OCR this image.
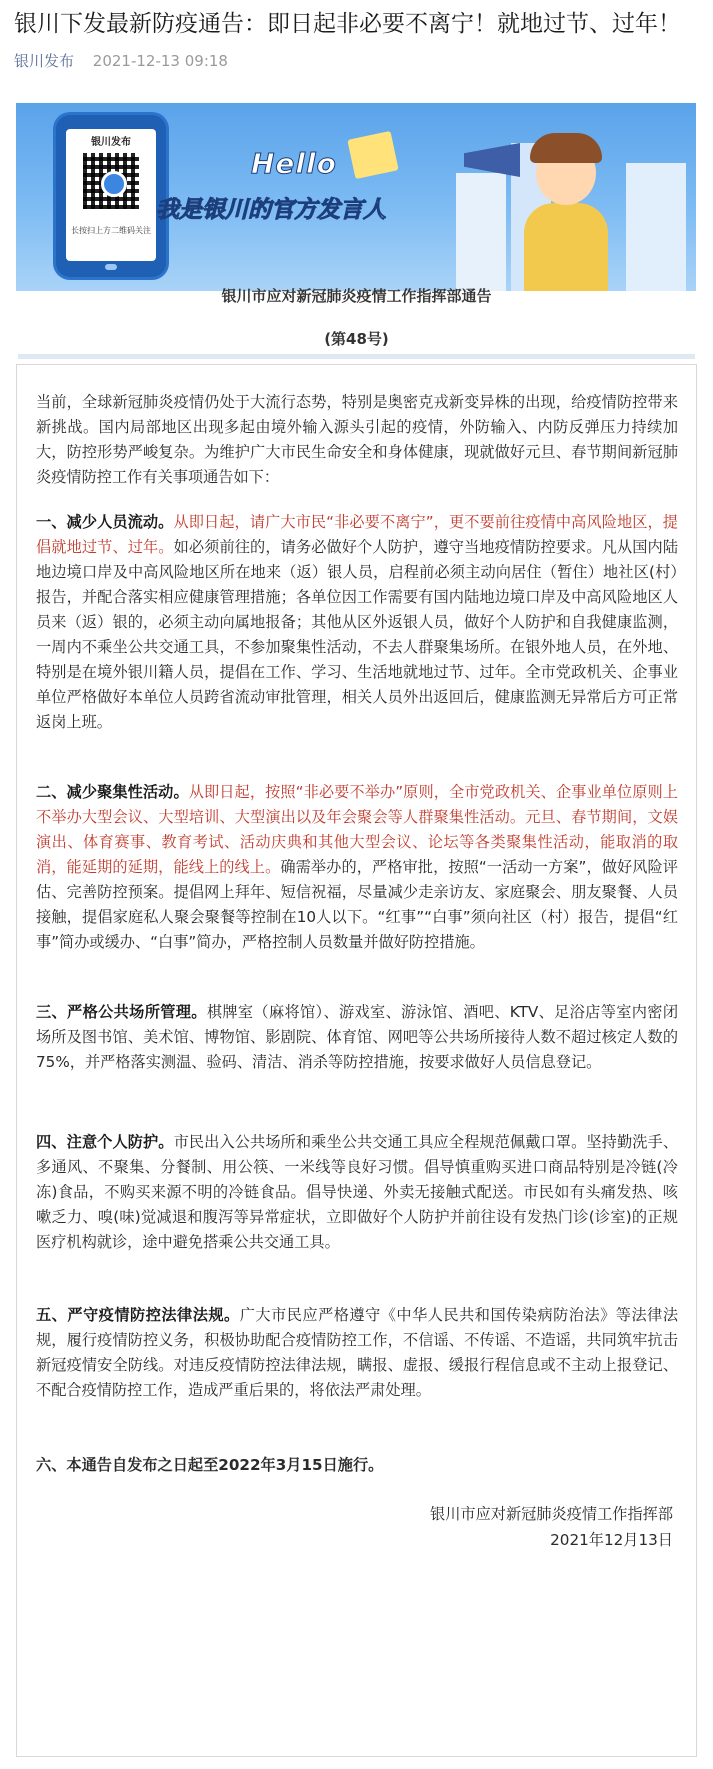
银川下发最新防疫通告：即日起非必要不离宁！就地过节、过年！
银川发布 2021-12-13 09:18
银川发布
长按扫上方二维码关注
Hello
我是银川的官方发言人
银川市应对新冠肺炎疫情工作指挥部通告
(第48号)
当前，全球新冠肺炎疫情仍处于大流行态势，特别是奥密克戎新变异株的出现，给疫情防控带来新挑战。国内局部地区出现多起由境外输入源头引起的疫情，外防输入、内防反弹压力持续加大，防控形势严峻复杂。为维护广大市民生命安全和身体健康，现就做好元旦、春节期间新冠肺炎疫情防控工作有关事项通告如下：
一、减少人员流动。从即日起，请广大市民“非必要不离宁”，更不要前往疫情中高风险地区，提倡就地过节、过年。如必须前往的，请务必做好个人防护，遵守当地疫情防控要求。凡从国内陆地边境口岸及中高风险地区所在地来（返）银人员，启程前必须主动向居住（暂住）地社区(村）报告，并配合落实相应健康管理措施；各单位因工作需要有国内陆地边境口岸及中高风险地区人员来（返）银的，必须主动向属地报备；其他从区外返银人员，做好个人防护和自我健康监测，一周内不乘坐公共交通工具，不参加聚集性活动，不去人群聚集场所。在银外地人员，在外地、特别是在境外银川籍人员，提倡在工作、学习、生活地就地过节、过年。全市党政机关、企事业单位严格做好本单位人员跨省流动审批管理，相关人员外出返回后，健康监测无异常后方可正常返岗上班。
二、减少聚集性活动。从即日起，按照“非必要不举办”原则，全市党政机关、企事业单位原则上不举办大型会议、大型培训、大型演出以及年会聚会等人群聚集性活动。元旦、春节期间，文娱演出、体育赛事、教育考试、活动庆典和其他大型会议、论坛等各类聚集性活动，能取消的取消，能延期的延期，能线上的线上。确需举办的，严格审批，按照“一活动一方案”，做好风险评估、完善防控预案。提倡网上拜年、短信祝福，尽量减少走亲访友、家庭聚会、朋友聚餐、人员接触，提倡家庭私人聚会聚餐等控制在10人以下。“红事”“白事”须向社区（村）报告，提倡“红事”简办或缓办、“白事”简办，严格控制人员数量并做好防控措施。
三、严格公共场所管理。棋牌室（麻将馆）、游戏室、游泳馆、酒吧、KTV、足浴店等室内密闭场所及图书馆、美术馆、博物馆、影剧院、体育馆、网吧等公共场所接待人数不超过核定人数的75%，并严格落实测温、验码、清洁、消杀等防控措施，按要求做好人员信息登记。
四、注意个人防护。市民出入公共场所和乘坐公共交通工具应全程规范佩戴口罩。坚持勤洗手、多通风、不聚集、分餐制、用公筷、一米线等良好习惯。倡导慎重购买进口商品特别是冷链(冷冻)食品，不购买来源不明的冷链食品。倡导快递、外卖无接触式配送。市民如有头痛发热、咳嗽乏力、嗅(味)觉减退和腹泻等异常症状，立即做好个人防护并前往设有发热门诊(诊室)的正规医疗机构就诊，途中避免搭乘公共交通工具。
五、严守疫情防控法律法规。广大市民应严格遵守《中华人民共和国传染病防治法》等法律法规，履行疫情防控义务，积极协助配合疫情防控工作，不信谣、不传谣、不造谣，共同筑牢抗击新冠疫情安全防线。对违反疫情防控法律法规，瞒报、虚报、缓报行程信息或不主动上报登记、不配合疫情防控工作，造成严重后果的，将依法严肃处理。
六、本通告自发布之日起至2022年3月15日施行。
银川市应对新冠肺炎疫情工作指挥部
2021年12月13日
